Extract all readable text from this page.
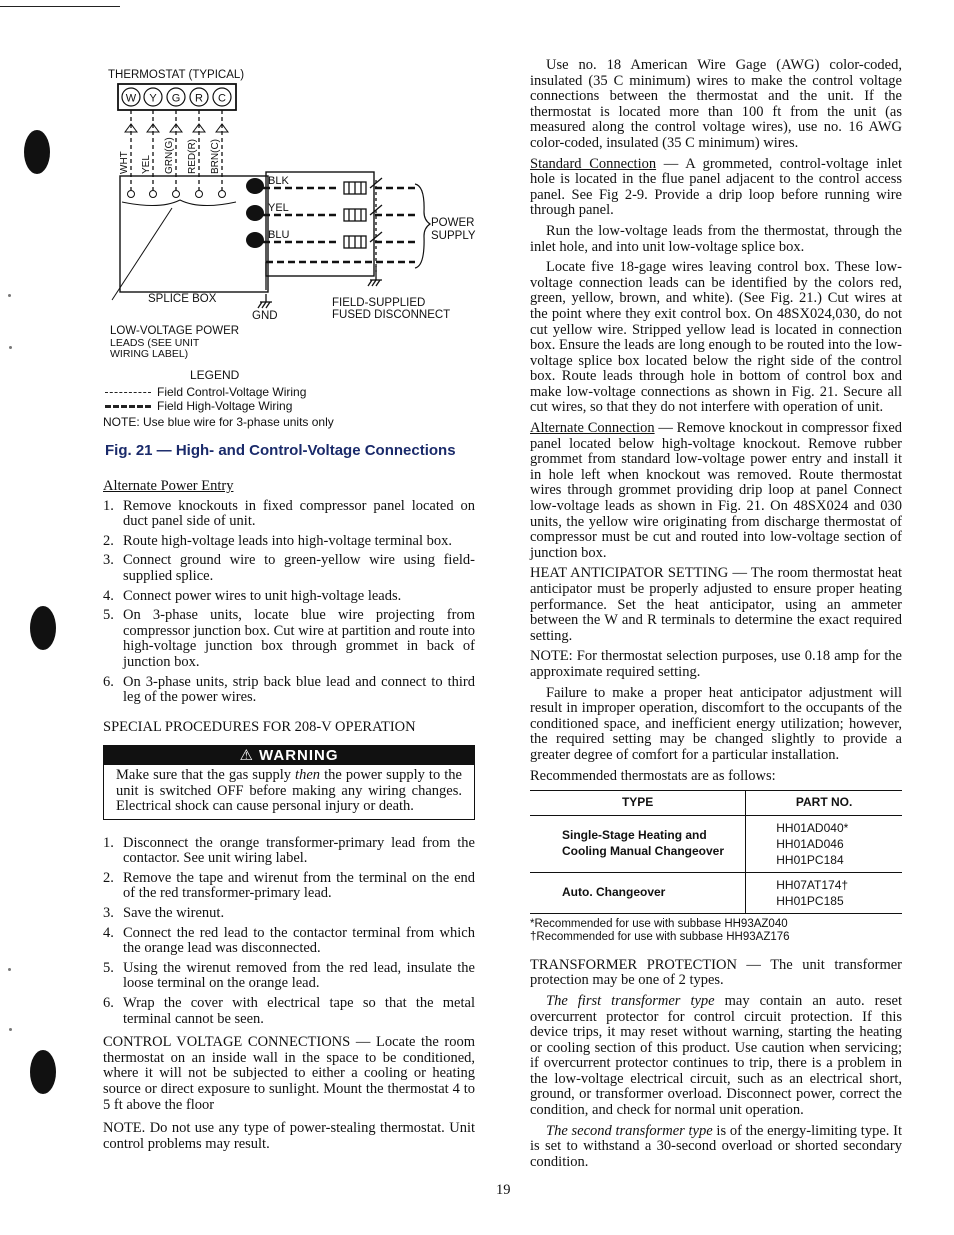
THERMOSTAT (TYPICAL)
W Y G R C
WHT YEL GRN(G) RED(R) BRN(C)
BLK
YEL
BLU
POWER SUPPLY
SPLICE BOX
GND
FIELD-SUPPLIED FUSED DISCONNECT
LOW-VOLTAGE POWER LEADS (SEE UNIT WIRING LABEL)
LEGEND
Field Control-Voltage Wiring
Field High-Voltage Wiring
NOTE: Use blue wire for 3-phase units only
Fig. 21 — High- and Control-Voltage Connections

Alternate Power Entry

1. Remove knockouts in fixed compressor panel located on duct panel side of unit.
2. Route high-voltage leads into high-voltage terminal box.
3. Connect ground wire to green-yellow wire using field-supplied splice.
4. Connect power wires to unit high-voltage leads.
5. On 3-phase units, locate blue wire projecting from compressor junction box. Cut wire at partition and route into high-voltage junction box through grommet in back of junction box.
6. On 3-phase units, strip back blue lead and connect to third leg of the power wires.

SPECIAL PROCEDURES FOR 208-V OPERATION

⚠ WARNING
Make sure that the gas supply then the power supply to the unit is switched OFF before making any wiring changes. Electrical shock can cause personal injury or death.
1. Disconnect the orange transformer-primary lead from the contactor. See unit wiring label.
2. Remove the tape and wirenut from the terminal on the end of the red transformer-primary lead.
3. Save the wirenut.
4. Connect the red lead to the contactor terminal from which the orange lead was disconnected.
5. Using the wirenut removed from the red lead, insulate the loose terminal on the orange lead.
6. Wrap the cover with electrical tape so that the metal terminal cannot be seen.

CONTROL VOLTAGE CONNECTIONS — Locate the room thermostat on an inside wall in the space to be conditioned, where it will not be subjected to either a cooling or heating source or direct exposure to sunlight. Mount the thermostat 4 to 5 ft above the floor

NOTE. Do not use any type of power-stealing thermostat. Unit control problems may result.

Use no. 18 American Wire Gage (AWG) color-coded, insulated (35 C minimum) wires to make the control voltage connections between the thermostat and the unit. If the thermostat is located more than 100 ft from the unit (as measured along the control voltage wires), use no. 16 AWG color-coded, insulated (35 C minimum) wires.

Standard Connection — A grommeted, control-voltage inlet hole is located in the flue panel adjacent to the control access panel. See Fig 2-9. Provide a drip loop before running wire through panel.

Run the low-voltage leads from the thermostat, through the inlet hole, and into unit low-voltage splice box.

Locate five 18-gage wires leaving control box. These low-voltage connection leads can be identified by the colors red, green, yellow, brown, and white). (See Fig. 21.) Cut wires at the point where they exit control box. On 48SX024,030, do not cut yellow wire. Stripped yellow lead is located in connection box. Ensure the leads are long enough to be routed into the low-voltage splice box located below the right side of the control box. Route leads through hole in bottom of control box and make low-voltage connections as shown in Fig. 21. Secure all cut wires, so that they do not interfere with operation of unit.

Alternate Connection — Remove knockout in compressor fixed panel located below high-voltage knockout. Remove rubber grommet from standard low-voltage power entry and install it in hole left when knockout was removed. Route thermostat wires through grommet providing drip loop at panel Connect low-voltage leads as shown in Fig. 21. On 48SX024 and 030 units, the yellow wire originating from discharge thermostat of compressor must be cut and routed into low-voltage section of junction box.

HEAT ANTICIPATOR SETTING — The room thermostat heat anticipator must be properly adjusted to ensure proper heating performance. Set the heat anticipator, using an ammeter between the W and R terminals to determine the exact required setting.

NOTE: For thermostat selection purposes, use 0.18 amp for the approximate required setting.

Failure to make a proper heat anticipator adjustment will result in improper operation, discomfort to the occupants of the conditioned space, and inefficient energy utilization; however, the required setting may be changed slightly to provide a greater degree of comfort for a particular installation.

Recommended thermostats are as follows:

TYPE	PART NO.
Single-Stage Heating and
Cooling Manual Changeover	HH01AD040*
HH01AD046
HH01PC184
Auto. Changeover	HH07AT174†
HH01PC185
*Recommended for use with subbase HH93AZ040
†Recommended for use with subbase HH93AZ176

TRANSFORMER PROTECTION — The unit transformer protection may be one of 2 types.

The first transformer type may contain an auto. reset overcurrent protector for control circuit protection. If this device trips, it may reset without warning, starting the heating or cooling section of this product. Use caution when servicing; if overcurrent protector continues to trip, there is a problem in the low-voltage electrical circuit, such as an electrical short, ground, or transformer overload. Disconnect power, correct the condition, and check for normal unit operation.

The second transformer type is of the energy-limiting type. It is set to withstand a 30-second overload or shorted secondary condition.

19
